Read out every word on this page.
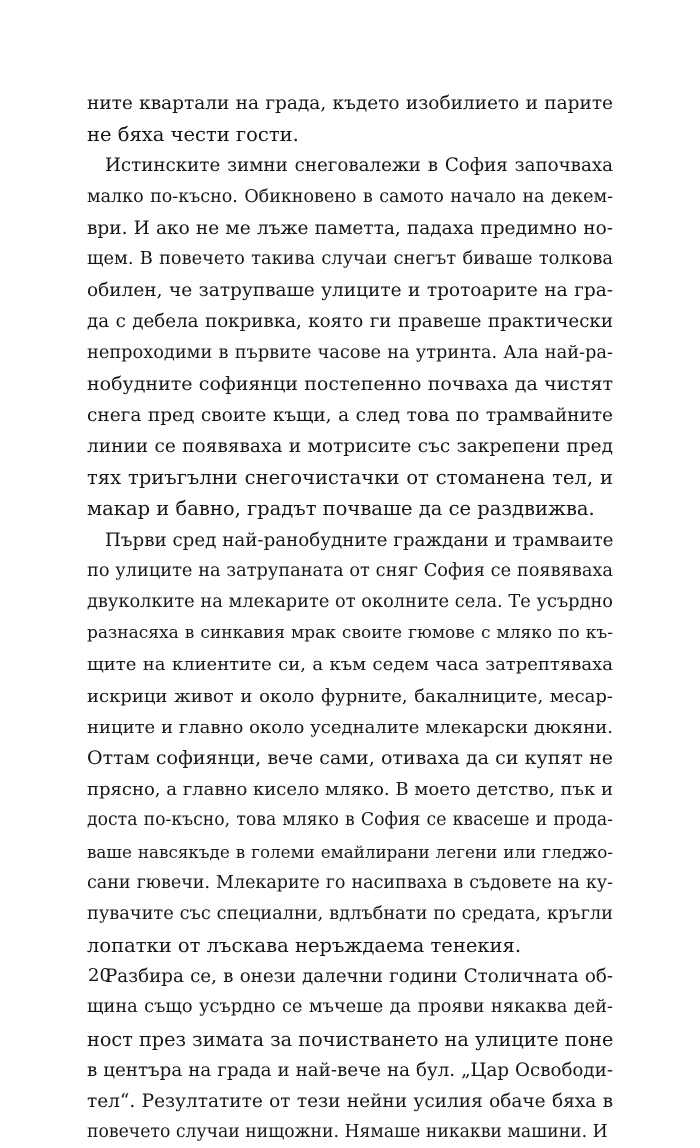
ните квартали на града, където изобилието и парите
не бяха чести гости.
Истинските зимни снеговалежи в София започваха
малко по-късно. Обикновено в самото начало на декем-
ври. И ако не ме лъже паметта, падаха предимно но-
щем. В повечето такива случаи снегът биваше толкова
обилен, че затрупваше улиците и тротоарите на гра-
да с дебела покривка, която ги правеше практически
непроходими в първите часове на утринта. Ала най-ра-
нобудните софиянци постепенно почваха да чистят
снега пред своите къщи, а след това по трамвайните
линии се появяваха и мотрисите със закрепени пред
тях триъгълни снегочистачки от стоманена тел, и
макар и бавно, градът почваше да се раздвижва.
Първи сред най-ранобудните граждани и трамваите
по улиците на затрупаната от сняг София се появяваха
двуколките на млекарите от околните села. Те усърдно
разнасяха в синкавия мрак своите гюмове с мляко по къ-
щите на клиентите си, а към седем часа затрептяваха
искрици живот и около фурните, бакалниците, месар-
ниците и главно около уседналите млекарски дюкяни.
Оттам софиянци, вече сами, отиваха да си купят не
прясно, а главно кисело мляко. В моето детство, пък и
доста по-късно, това мляко в София се квасеше и прода-
ваше навсякъде в големи емайлирани легени или гледжо-
сани гювечи. Млекарите го насипваха в съдовете на ку-
пувачите със специални, вдлъбнати по средата, кръгли
лопатки от лъскава неръждаема тенекия.
Разбира се, в онези далечни години Столичната об-
щина също усърдно се мъчеше да прояви някаква дей-
ност през зимата за почистването на улиците поне
в центъра на града и най-вече на бул. „Цар Освободи-
тел“. Резултатите от тези нейни усилия обаче бяха в
повечето случаи нищожни. Нямаше никакви машини. И
20
